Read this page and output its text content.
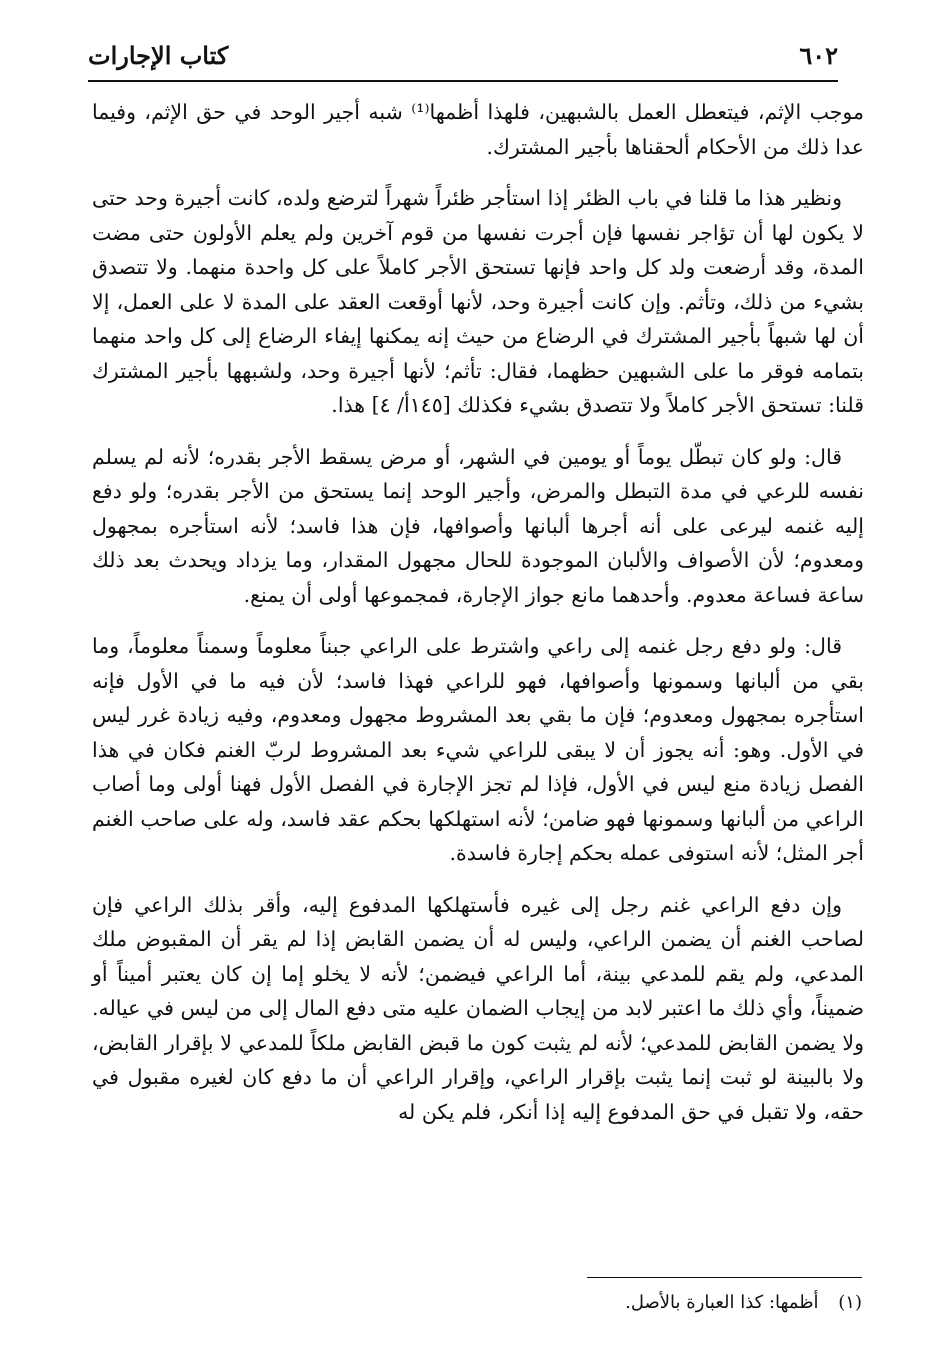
كتاب الإجارات	٦٠٢

موجب الإثم، فيتعطل العمل بالشبهين، فلهذا أظمها⁽¹⁾ شبه أجير الوحد في حق الإثم، وفيما عدا ذلك من الأحكام ألحقناها بأجير المشترك.

ونظير هذا ما قلنا في باب الظئر إذا استأجر ظئراً شهراً لترضع ولده، كانت أجيرة وحد حتى لا يكون لها أن تؤاجر نفسها فإن أجرت نفسها من قوم آخرين ولم يعلم الأولون حتى مضت المدة، وقد أرضعت ولد كل واحد فإنها تستحق الأجر كاملاً على كل واحدة منهما. ولا تتصدق بشيء من ذلك، وتأثم. وإن كانت أجيرة وحد، لأنها أوقعت العقد على المدة لا على العمل، إلا أن لها شبهاً بأجير المشترك في الرضاع من حيث إنه يمكنها إيفاء الرضاع إلى كل واحد منهما بتمامه فوقر ما على الشبهين حظهما، فقال: تأثم؛ لأنها أجيرة وحد، ولشبهها بأجير المشترك قلنا: تستحق الأجر كاملاً ولا تتصدق بشيء فكذلك [١٤٥أ/ ٤] هذا.

قال: ولو كان تبطّل يوماً أو يومين في الشهر، أو مرض يسقط الأجر بقدره؛ لأنه لم يسلم نفسه للرعي في مدة التبطل والمرض، وأجير الوحد إنما يستحق من الأجر بقدره؛ ولو دفع إليه غنمه ليرعى على أنه أجرها ألبانها وأصوافها، فإن هذا فاسد؛ لأنه استأجره بمجهول ومعدوم؛ لأن الأصواف والألبان الموجودة للحال مجهول المقدار، وما يزداد ويحدث بعد ذلك ساعة فساعة معدوم. وأحدهما مانع جواز الإجارة، فمجموعها أولى أن يمنع.

قال: ولو دفع رجل غنمه إلى راعي واشترط على الراعي جبناً معلوماً وسمناً معلوماً، وما بقي من ألبانها وسمونها وأصوافها، فهو للراعي فهذا فاسد؛ لأن فيه ما في الأول فإنه استأجره بمجهول ومعدوم؛ فإن ما بقي بعد المشروط مجهول ومعدوم، وفيه زيادة غرر ليس في الأول. وهو: أنه يجوز أن لا يبقى للراعي شيء بعد المشروط لربّ الغنم فكان في هذا الفصل زيادة منع ليس في الأول، فإذا لم تجز الإجارة في الفصل الأول فهنا أولى وما أصاب الراعي من ألبانها وسمونها فهو ضامن؛ لأنه استهلكها بحكم عقد فاسد، وله على صاحب الغنم أجر المثل؛ لأنه استوفى عمله بحكم إجارة فاسدة.

وإن دفع الراعي غنم رجل إلى غيره فأستهلكها المدفوع إليه، وأقر بذلك الراعي فإن لصاحب الغنم أن يضمن الراعي، وليس له أن يضمن القابض إذا لم يقر أن المقبوض ملك المدعي، ولم يقم للمدعي بينة، أما الراعي فيضمن؛ لأنه لا يخلو إما إن كان يعتبر أميناً أو ضميناً، وأي ذلك ما اعتبر لابد من إيجاب الضمان عليه متى دفع المال إلى من ليس في عياله. ولا يضمن القابض للمدعي؛ لأنه لم يثبت كون ما قبض القابض ملكاً للمدعي لا بإقرار القابض، ولا بالبينة لو ثبت إنما يثبت بإقرار الراعي، وإقرار الراعي أن ما دفع كان لغيره مقبول في حقه، ولا تقبل في حق المدفوع إليه إذا أنكر، فلم يكن له

(١) أظمها: كذا العبارة بالأصل.
